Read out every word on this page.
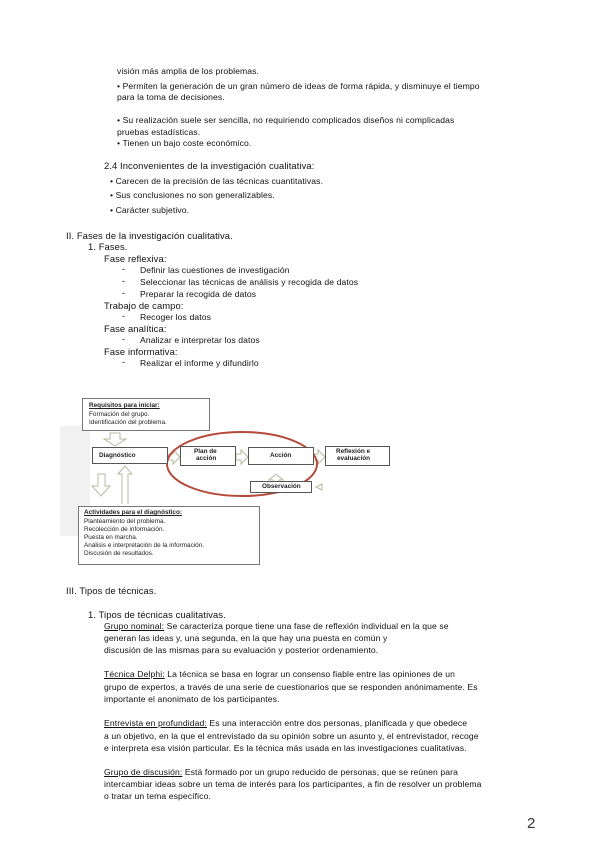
visión más amplia de los problemas.
• Permiten la generación de un gran número de ideas de forma rápida, y disminuye el tiempo
para la toma de decisiones.
• Su realización suele ser sencilla, no requiriendo complicados diseños ni complicadas
pruebas estadísticas.
• Tienen un bajo coste económico.
2.4 Inconvenientes de la investigación cualitativa:
• Carecen de la precisión de las técnicas cuantitativas.
• Sus conclusiones no son generalizables.
• Carácter subjetivo.
II. Fases de la investigación cualitativa.
1. Fases.
Fase reflexiva:
- Definir las cuestiones de investigación
- Seleccionar las técnicas de análisis y recogida de datos
- Preparar la recogida de datos
Trabajo de campo:
- Recoger los datos
Fase analítica:
- Analizar e interpretar los datos
Fase informativa:
- Realizar el informe y difundirlo
Requisitos para iniciar:
Formación del grupo.
Identificación del problema.
Diagnóstico
Plan de
acción	Acción
Reflexión e
evaluación
Observación
Actividades para el diagnóstico:
Planteamiento del problema.
Recolección de información.
Puesta en marcha.
Análisis e interpretación de la información.
Discusión de resultados.
III. Tipos de técnicas.
1. Tipos de técnicas cualitativas.
Grupo nominal: Se caracteriza porque tiene una fase de reflexión individual en la que se
generan las ideas y, una segunda, en la que hay una puesta en común y
discusión de las mismas para su evaluación y posterior ordenamiento.
Técnica Delphi: La técnica se basa en lograr un consenso fiable entre las opiniones de un
grupo de expertos, a través de una serie de cuestionarios que se responden anónimamente. Es
importante el anonimato de los participantes.
Entrevista en profundidad: Es una interacción entre dos personas, planificada y que obedece
a un objetivo, en la que el entrevistado da su opinión sobre un asunto y, el entrevistador, recoge
e interpreta esa visión particular. Es la técnica más usada en las investigaciones cualitativas.
Grupo de discusión: Está formado por un grupo reducido de personas, que se reúnen para
intercambiar ideas sobre un tema de interés para los participantes, a fin de resolver un problema
o tratar un tema específico.
2
